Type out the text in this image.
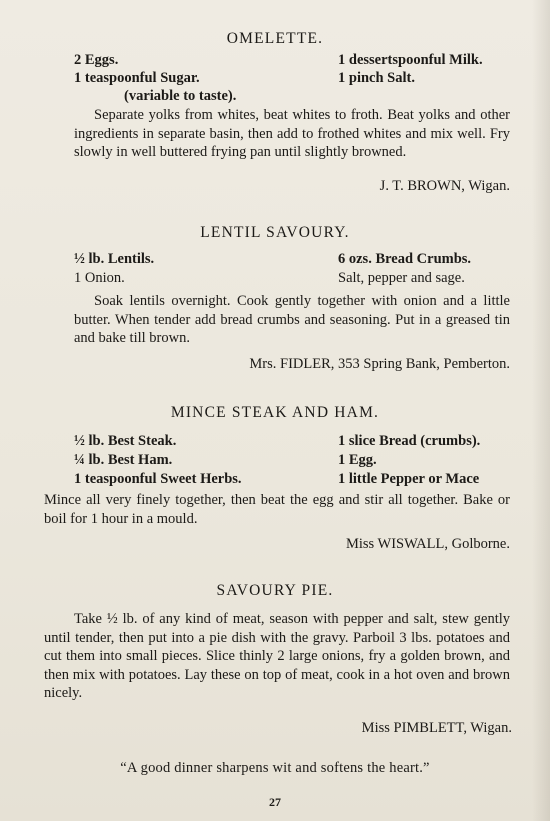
OMELETTE.
2 Eggs.
1 teaspoonful Sugar.
1 dessertspoonful Milk.
1 pinch Salt.
(variable to taste).
Separate yolks from whites, beat whites to froth. Beat yolks and other ingredients in separate basin, then add to frothed whites and mix well. Fry slowly in well buttered frying pan until slightly browned.
J. T. BROWN, Wigan.
LENTIL SAVOURY.
½ lb. Lentils.
1 Onion.
6 ozs. Bread Crumbs.
Salt, pepper and sage.
Soak lentils overnight. Cook gently together with onion and a little butter. When tender add bread crumbs and seasoning. Put in a greased tin and bake till brown.
Mrs. FIDLER, 353 Spring Bank, Pemberton.
MINCE STEAK AND HAM.
½ lb. Best Steak.
¼ lb. Best Ham.
1 teaspoonful Sweet Herbs.
1 slice Bread (crumbs).
1 Egg.
1 little Pepper or Mace
Mince all very finely together, then beat the egg and stir all together. Bake or boil for 1 hour in a mould.
Miss WISWALL, Golborne.
SAVOURY PIE.
Take ½ lb. of any kind of meat, season with pepper and salt, stew gently until tender, then put into a pie dish with the gravy. Parboil 3 lbs. potatoes and cut them into small pieces. Slice thinly 2 large onions, fry a golden brown, and then mix with potatoes. Lay these on top of meat, cook in a hot oven and brown nicely.
Miss PIMBLETT, Wigan.
“A good dinner sharpens wit and softens the heart.”
27
